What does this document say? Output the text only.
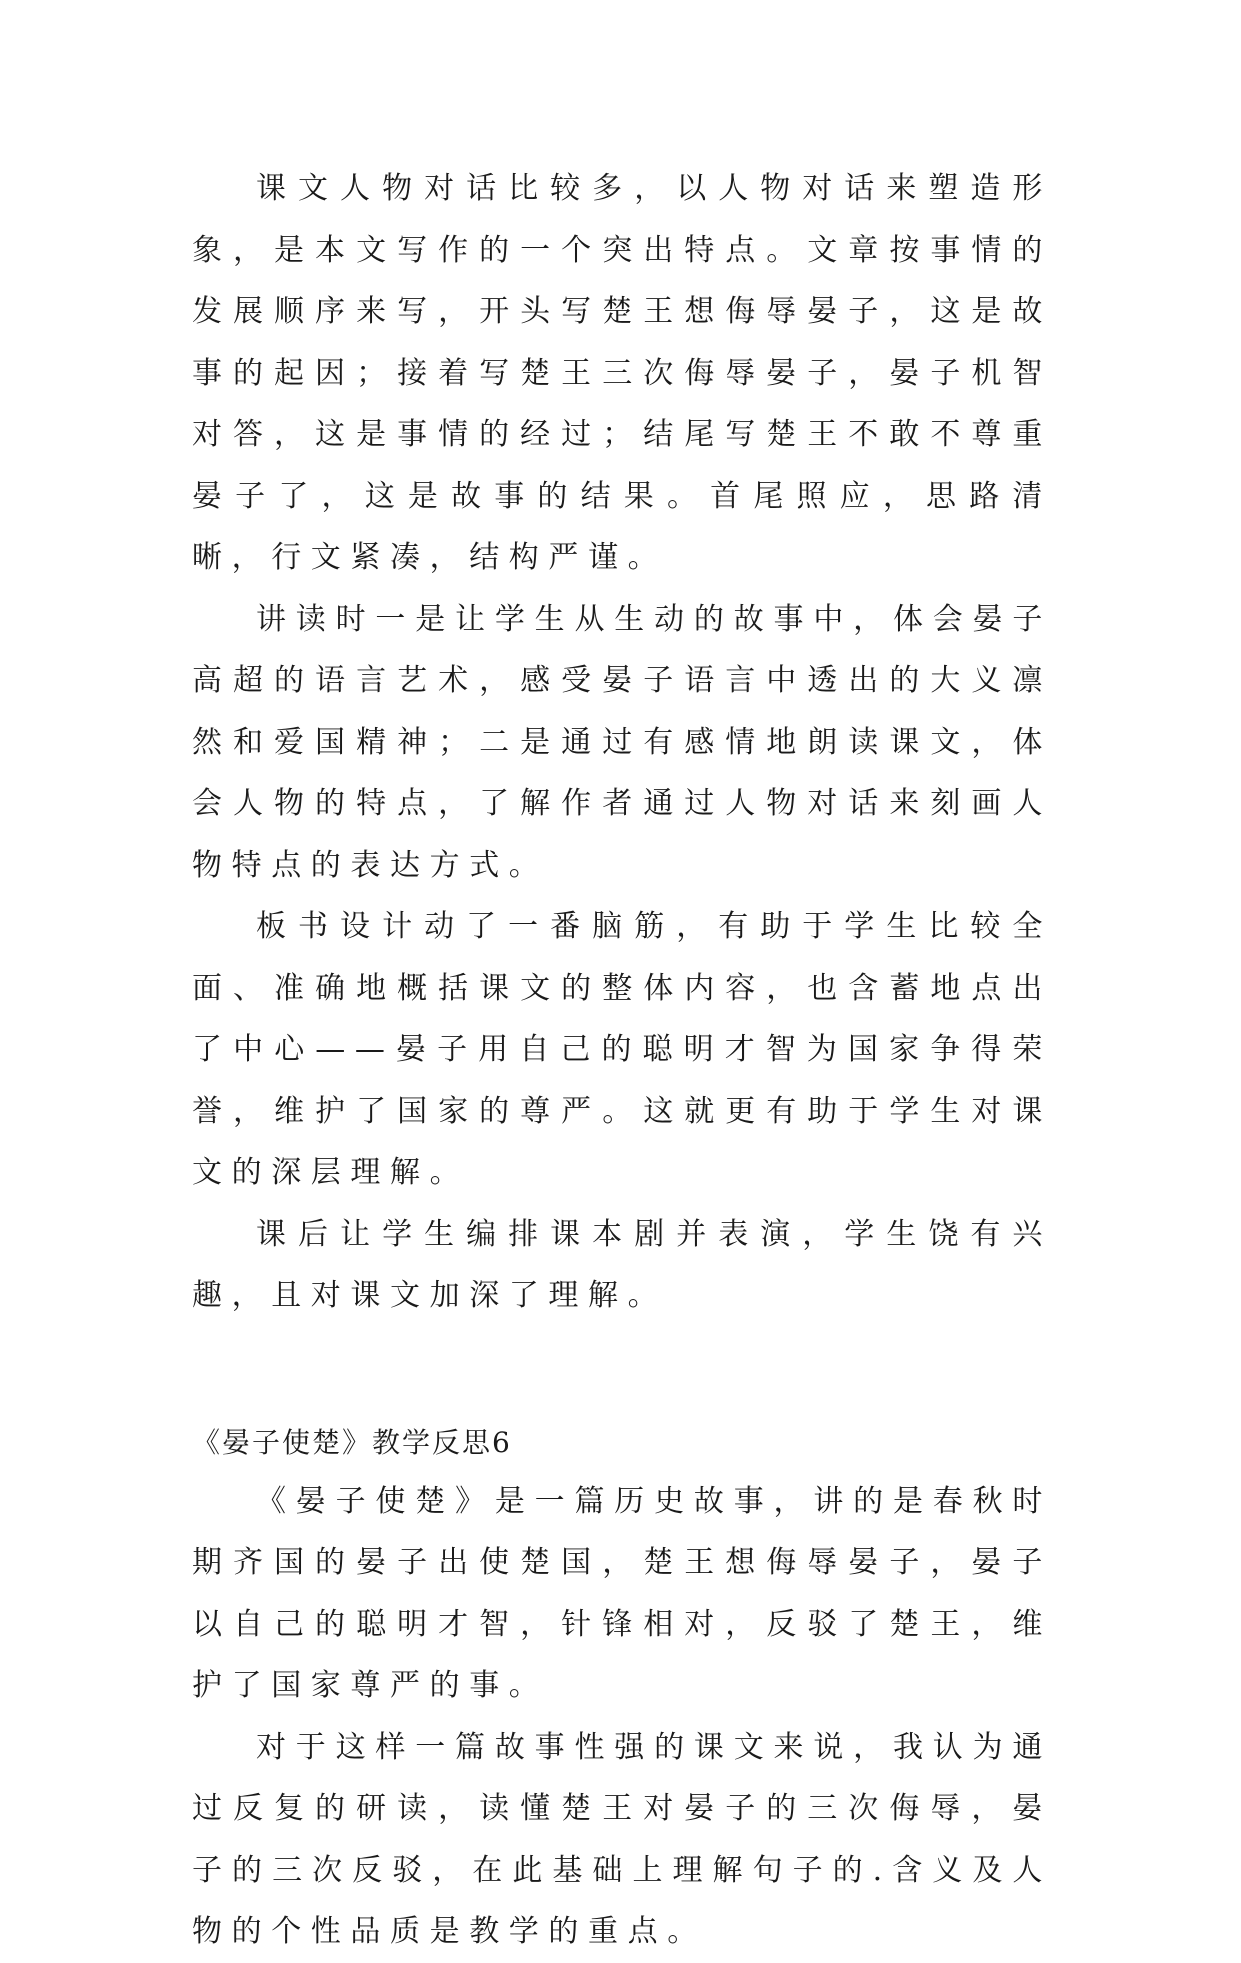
课文人物对话比较多，以人物对话来塑造形象，是本文写作的一个突出特点。文章按事情的发展顺序来写，开头写楚王想侮辱晏子，这是故事的起因；接着写楚王三次侮辱晏子，晏子机智对答，这是事情的经过；结尾写楚王不敢不尊重晏子了，这是故事的结果。首尾照应，思路清晰，行文紧凑，结构严谨。

讲读时一是让学生从生动的故事中，体会晏子高超的语言艺术，感受晏子语言中透出的大义凛然和爱国精神；二是通过有感情地朗读课文，体会人物的特点，了解作者通过人物对话来刻画人物特点的表达方式。

板书设计动了一番脑筋，有助于学生比较全面、准确地概括课文的整体内容，也含蓄地点出了中心——晏子用自己的聪明才智为国家争得荣誉，维护了国家的尊严。这就更有助于学生对课文的深层理解。

课后让学生编排课本剧并表演，学生饶有兴趣，且对课文加深了理解。

《晏子使楚》教学反思6

《晏子使楚》是一篇历史故事，讲的是春秋时期齐国的晏子出使楚国，楚王想侮辱晏子，晏子以自己的聪明才智，针锋相对，反驳了楚王，维护了国家尊严的事。

对于这样一篇故事性强的课文来说，我认为通过反复的研读，读懂楚王对晏子的三次侮辱，晏子的三次反驳，在此基础上理解句子的.含义及人物的个性品质是教学的重点。
